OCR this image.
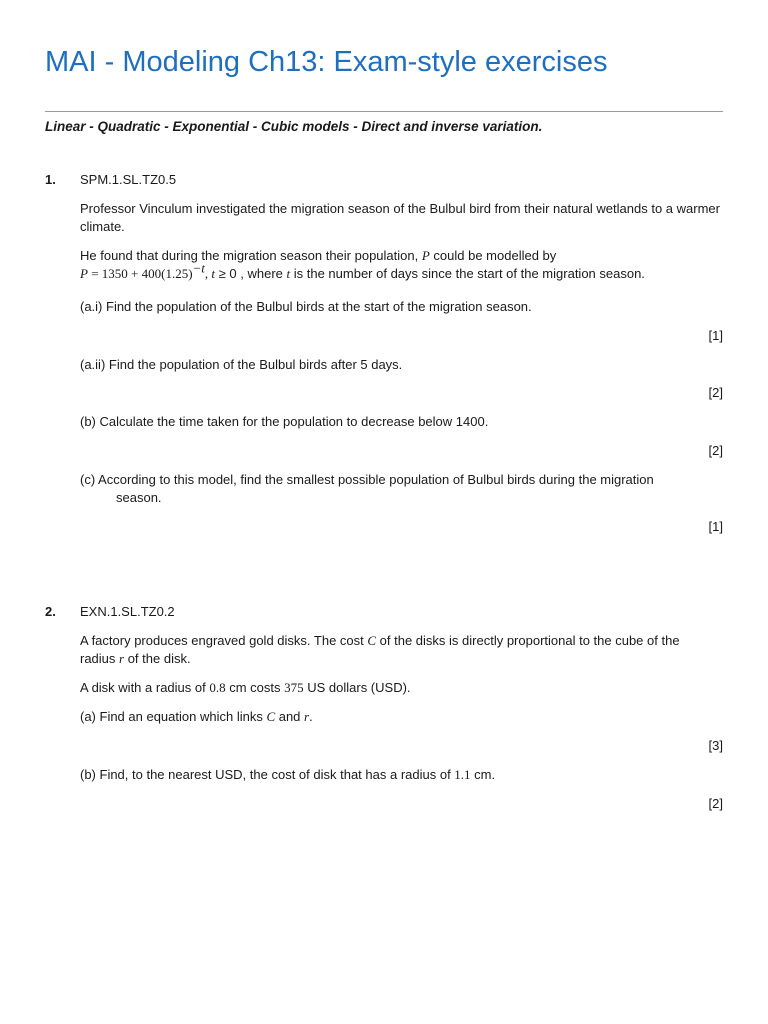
MAI - Modeling Ch13: Exam-style exercises
Linear - Quadratic - Exponential - Cubic models - Direct and inverse variation.
1. SPM.1.SL.TZ0.5
Professor Vinculum investigated the migration season of the Bulbul bird from their natural wetlands to a warmer climate.
He found that during the migration season their population, P could be modelled by
$P = 1350 + 400(1.25)^{-t}$, t ≥ 0 , where t is the number of days since the start of the migration season.
(a.i) Find the population of the Bulbul birds at the start of the migration season.
[1]
(a.ii) Find the population of the Bulbul birds after 5 days.
[2]
(b) Calculate the time taken for the population to decrease below 1400.
[2]
(c) According to this model, find the smallest possible population of Bulbul birds during the migration
season.
[1]
2. EXN.1.SL.TZ0.2
A factory produces engraved gold disks. The cost C of the disks is directly proportional to the cube of the
radius r of the disk.
A disk with a radius of 0.8 cm costs 375 US dollars (USD).
(a) Find an equation which links C and r.
[3]
(b) Find, to the nearest USD, the cost of disk that has a radius of 1.1 cm.
[2]
